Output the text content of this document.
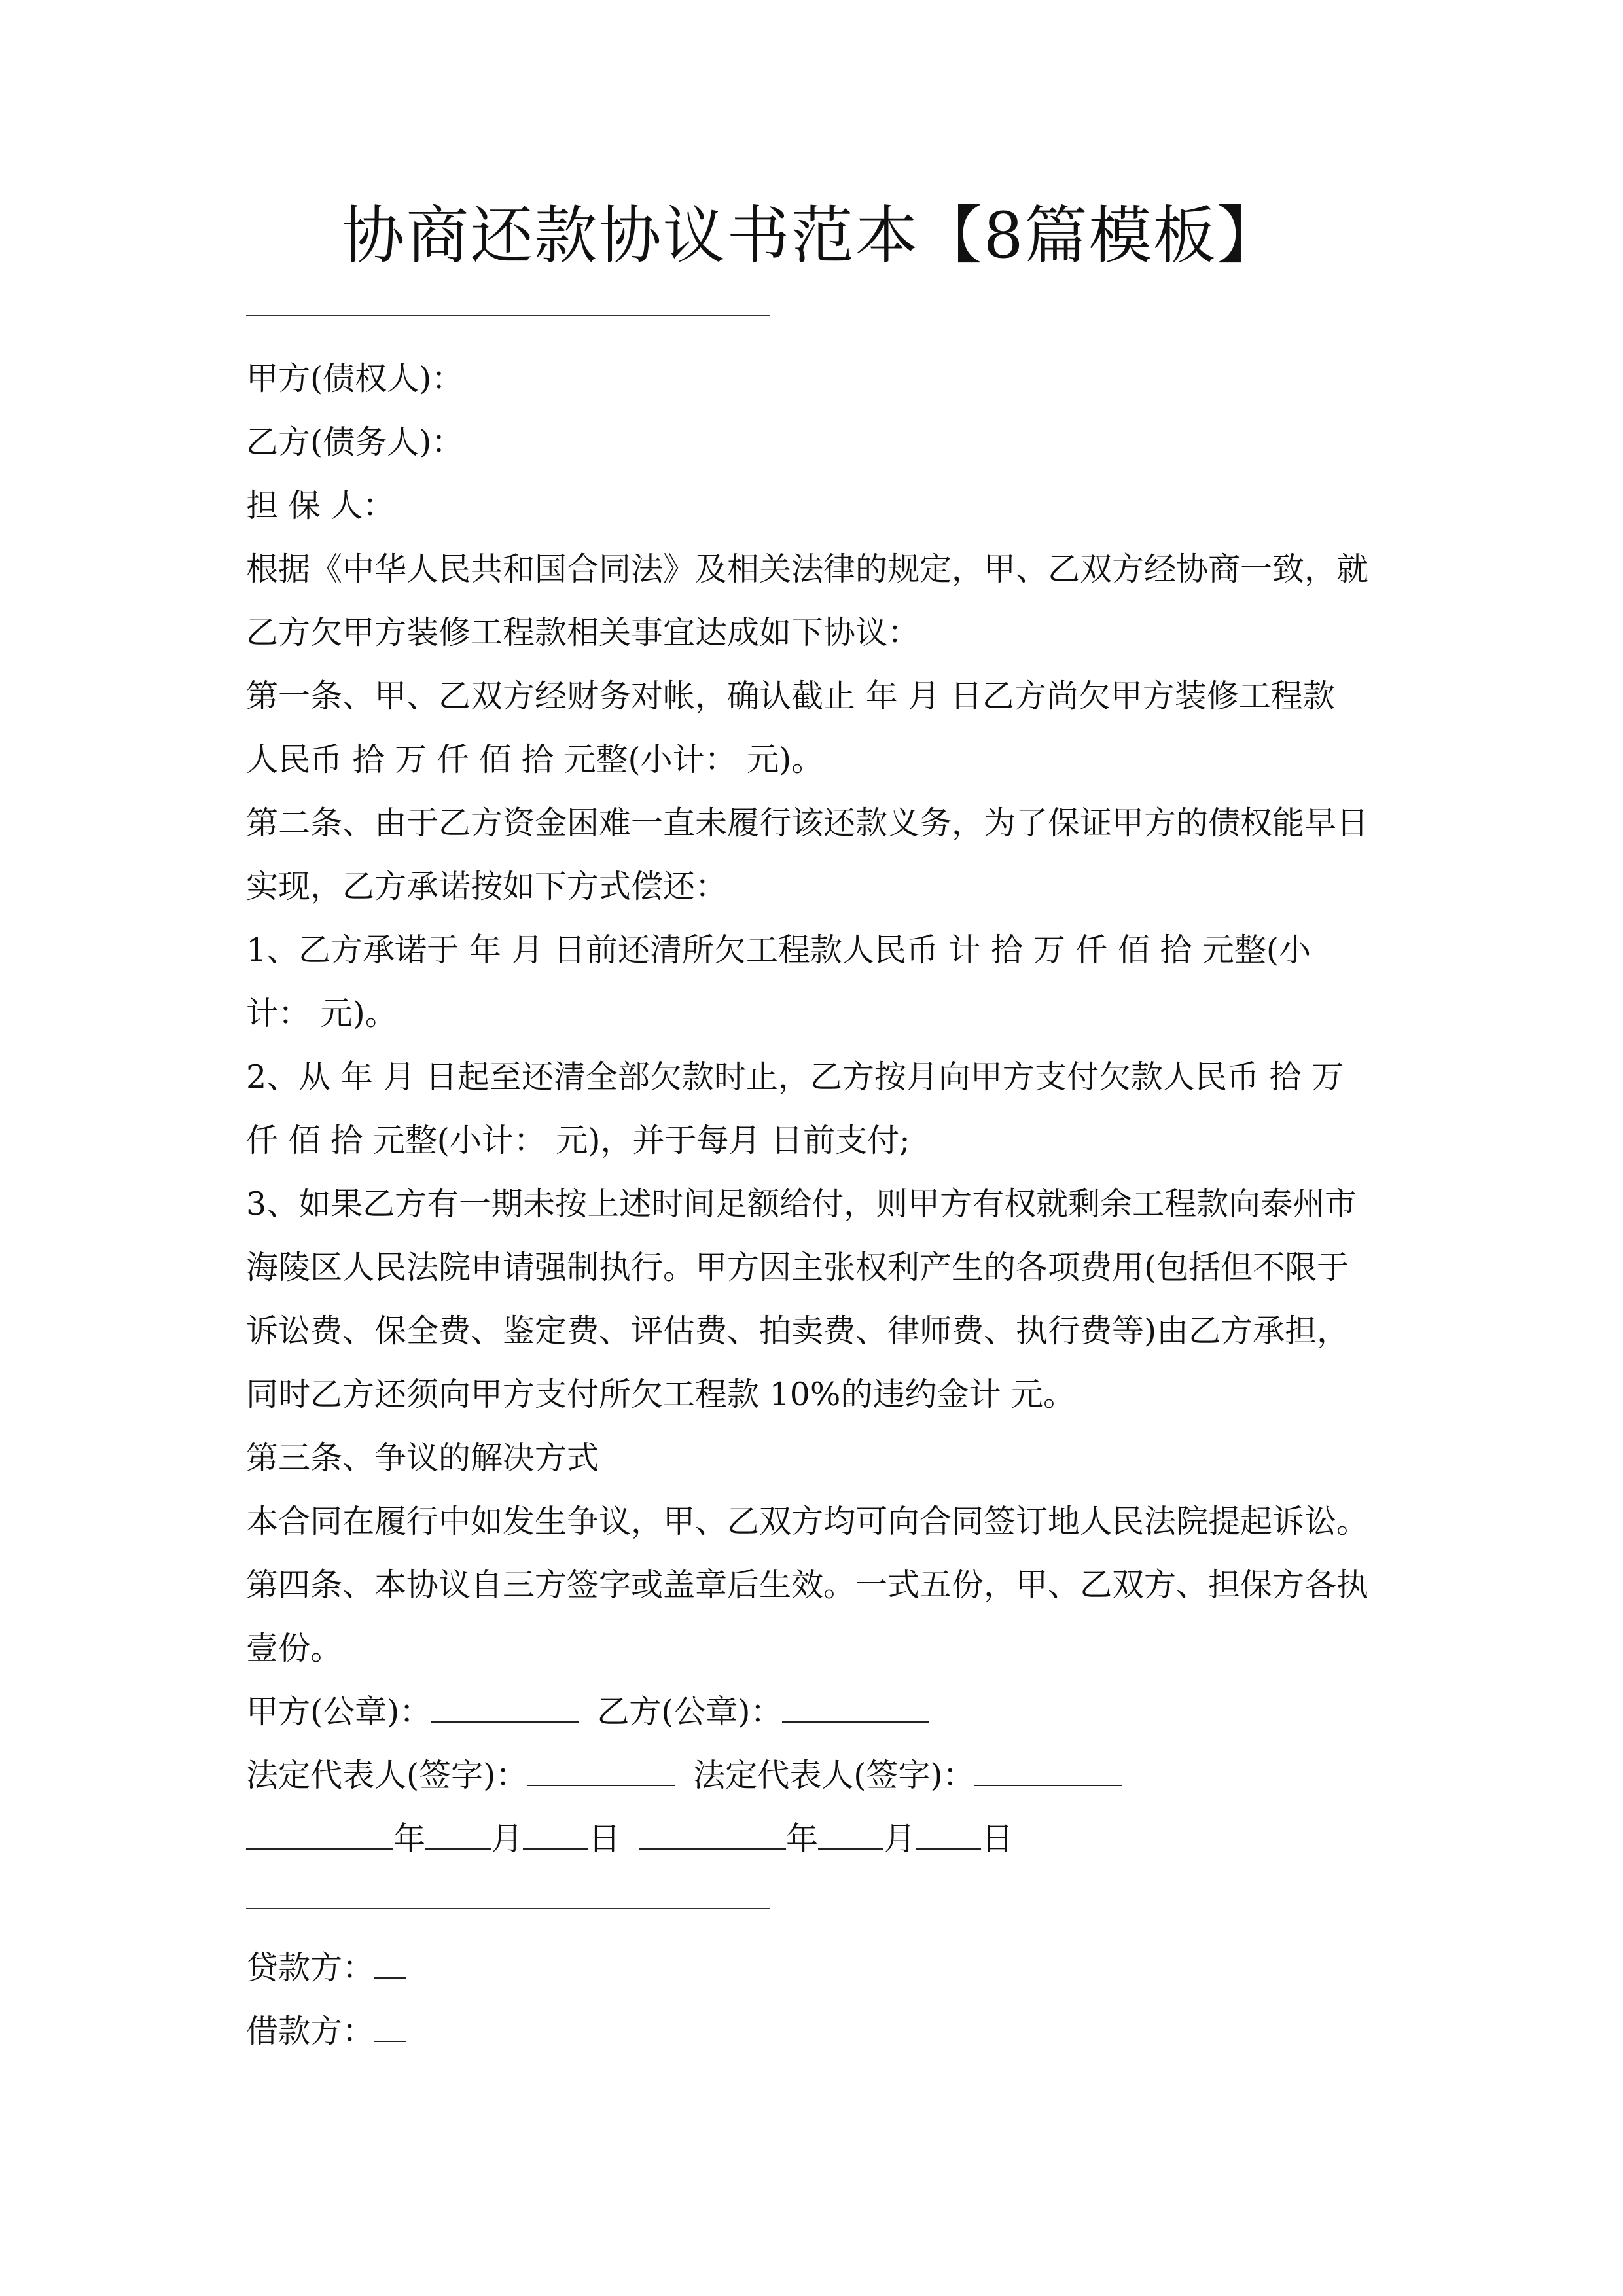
协商还款协议书范本【8篇模板】
甲方(债权人)：
乙方(债务人)：
担 保 人：
根据《中华人民共和国合同法》及相关法律的规定，甲、乙双方经协商一致，就
乙方欠甲方装修工程款相关事宜达成如下协议：
第一条、甲、乙双方经财务对帐，确认截止 年 月 日乙方尚欠甲方装修工程款
人民币 拾 万 仟 佰 拾 元整(小计： 元)。
第二条、由于乙方资金困难一直未履行该还款义务，为了保证甲方的债权能早日
实现，乙方承诺按如下方式偿还：
1、乙方承诺于 年 月 日前还清所欠工程款人民币 计 拾 万 仟 佰 拾 元整(小
计： 元)。
2、从 年 月 日起至还清全部欠款时止，乙方按月向甲方支付欠款人民币 拾 万
仟 佰 拾 元整(小计： 元)，并于每月 日前支付;
3、如果乙方有一期未按上述时间足额给付，则甲方有权就剩余工程款向泰州市
海陵区人民法院申请强制执行。甲方因主张权利产生的各项费用(包括但不限于
诉讼费、保全费、鉴定费、评估费、拍卖费、律师费、执行费等)由乙方承担，
同时乙方还须向甲方支付所欠工程款 10%的违约金计 元。
第三条、争议的解决方式
本合同在履行中如发生争议，甲、乙双方均可向合同签订地人民法院提起诉讼。
第四条、本协议自三方签字或盖章后生效。一式五份，甲、乙双方、担保方各执
壹份。
甲方(公章)：	乙方(公章)：
法定代表人(签字)：	法定代表人(签字)：
年 月 日	年 月 日
贷款方：
借款方：
